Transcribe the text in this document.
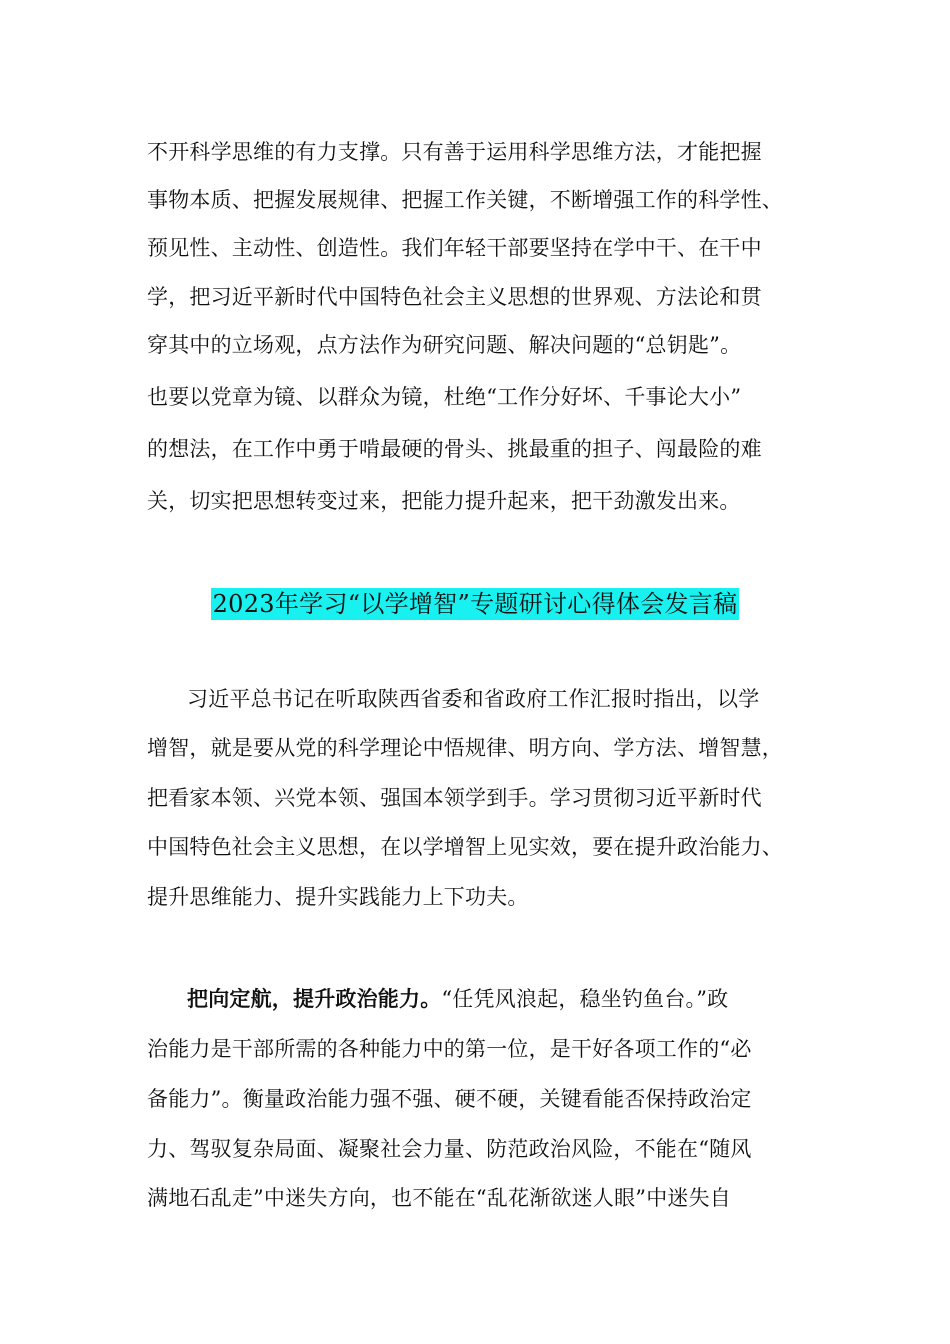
不开科学思维的有力支撑。只有善于运用科学思维方法，才能把握
事物本质、把握发展规律、把握工作关键，不断增强工作的科学性、
预见性、主动性、创造性。我们年轻干部要坚持在学中干、在干中
学，把习近平新时代中国特色社会主义思想的世界观、方法论和贯
穿其中的立场观，点方法作为研究问题、解决问题的“总钥匙”。
也要以党章为镜、以群众为镜，杜绝“工作分好坏、千事论大小”
的想法，在工作中勇于啃最硬的骨头、挑最重的担子、闯最险的难
关，切实把思想转变过来，把能力提升起来，把干劲激发出来。
2023年学习“以学增智”专题研讨心得体会发言稿
习近平总书记在听取陕西省委和省政府工作汇报时指出，以学
增智，就是要从党的科学理论中悟规律、明方向、学方法、增智慧，
把看家本领、兴党本领、强国本领学到手。学习贯彻习近平新时代
中国特色社会主义思想，在以学增智上见实效，要在提升政治能力、
提升思维能力、提升实践能力上下功夫。
把向定航，提升政治能力。“任凭风浪起，稳坐钓鱼台。”政
治能力是干部所需的各种能力中的第一位，是干好各项工作的“必
备能力”。衡量政治能力强不强、硬不硬，关键看能否保持政治定
力、驾驭复杂局面、凝聚社会力量、防范政治风险，不能在“随风
满地石乱走”中迷失方向，也不能在“乱花渐欲迷人眼”中迷失自
